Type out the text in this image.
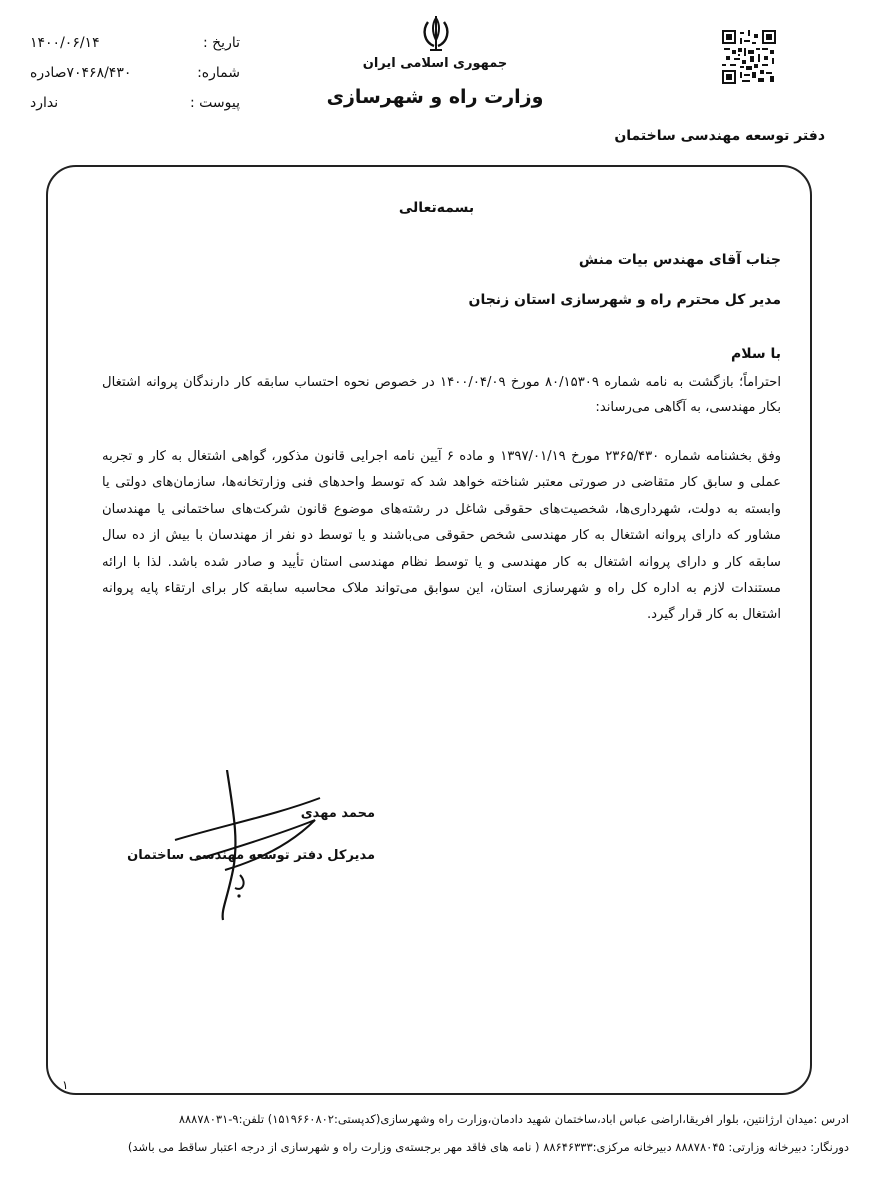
تاریخ :
۱۴۰۰/۰۶/۱۴
شماره:
۷۰۴۶۸/۴۳۰صادره
پیوست :
ندارد
جمهوری اسلامی ایران
وزارت راه و شهرسازی
دفتر توسعه مهندسی ساختمان
بسمه‌تعالی
جناب آقای مهندس بیات منش
مدیر کل محترم راه و شهرسازی استان زنجان
با سلام
احتراماً؛ بازگشت به نامه شماره ۸۰/۱۵۳۰۹ مورخ ۱۴۰۰/۰۴/۰۹ در خصوص نحوه احتساب سابقه کار دارندگان پروانه اشتغال بکار مهندسی، به آگاهی می‌رساند:
وفق بخشنامه شماره ۲۳۶۵/۴۳۰ مورخ ۱۳۹۷/۰۱/۱۹ و ماده ۶ آیین نامه اجرایی قانون مذکور، گواهی اشتغال به کار و تجربه عملی و سابق کار متقاضی در صورتی معتبر شناخته خواهد شد که توسط واحدهای فنی وزارتخانه‌ها، سازمان‌های دولتی یا وابسته به دولت، شهرداری‌ها، شخصیت‌های حقوقی شاغل در رشته‌های موضوع قانون شرکت‌های ساختمانی یا مهندسان مشاور که دارای پروانه اشتغال به کار مهندسی شخص حقوقی می‌باشند و یا توسط دو نفر از مهندسان با بیش از ده سال سابقه کار و دارای پروانه اشتغال به کار مهندسی و یا توسط نظام مهندسی استان تأیید و صادر شده باشد. لذا با ارائه مستندات لازم به اداره کل راه و شهرسازی استان، این سوابق می‌تواند ملاک محاسبه سابقه کار برای ارتقاء پایه پروانه اشتغال به کار قرار گیرد.
محمد مهدی
مدیرکل دفتر توسعه مهندسی ساختمان
۱
ادرس :میدان ارژانتین، بلوار افریقا،اراضی عباس اباد،ساختمان شهید دادمان،وزارت راه وشهرسازی(کدپستی:۱۵۱۹۶۶۰۸۰۲) تلفن:۹-۸۸۸۷۸۰۳۱
دورنگار: دبیرخانه وزارتی: ۸۸۸۷۸۰۴۵ دبیرخانه مرکزی:۸۸۶۴۶۳۳۳ ( نامه های فاقد مهر برجسته‌ی وزارت راه و شهرسازی از درجه اعتبار ساقط می باشد)
